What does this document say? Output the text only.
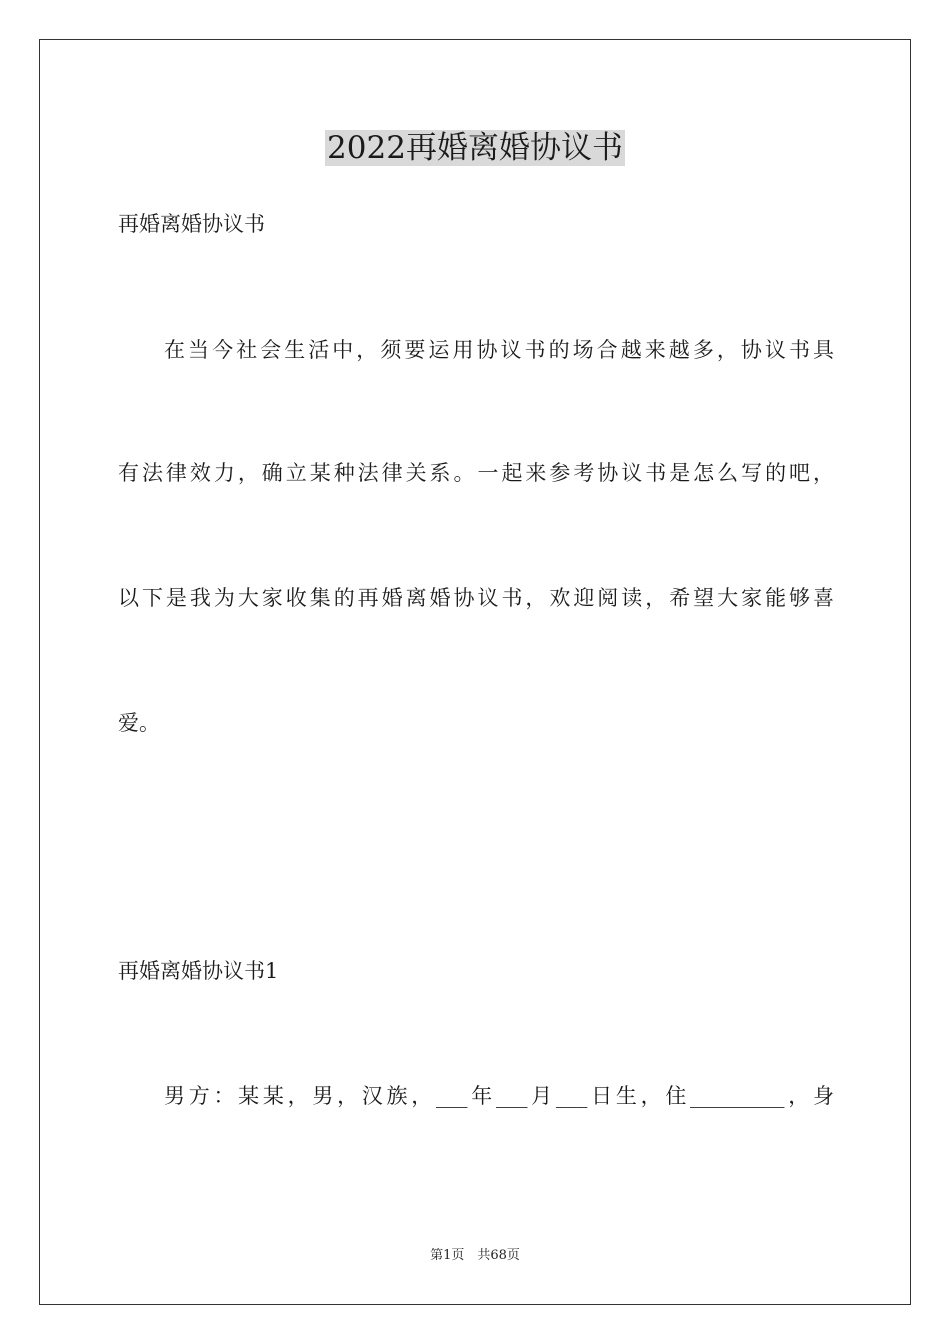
2022再婚离婚协议书
再婚离婚协议书
在当今社会生活中，须要运用协议书的场合越来越多，协议书具
有法律效力，确立某种法律关系。一起来参考协议书是怎么写的吧，
以下是我为大家收集的再婚离婚协议书，欢迎阅读，希望大家能够喜
爱。
再婚离婚协议书1
男方：某某，男，汉族，___年___月___日生，住_________，身
第1页　共68页
